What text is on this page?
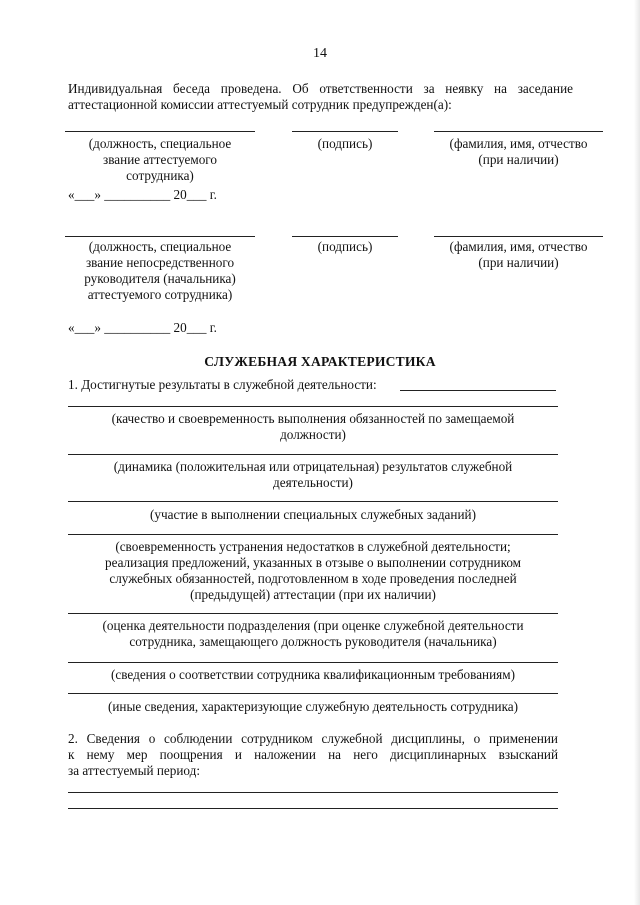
14
Индивидуальная беседа проведена. Об ответственности за неявку на заседание
аттестационной комиссии аттестуемый сотрудник предупрежден(а):
(должность, специальное
звание аттестуемого
сотрудника)
(подпись)	(фамилия, имя, отчество
(при наличии)
«___» __________ 20___ г.
(должность, специальное
звание непосредственного
руководителя (начальника)
аттестуемого сотрудника)
(подпись)	(фамилия, имя, отчество
(при наличии)
«___» __________ 20___ г.
СЛУЖЕБНАЯ ХАРАКТЕРИСТИКА
1. Достигнутые результаты в служебной деятельности:
(качество и своевременность выполнения обязанностей по замещаемой
должности)
(динамика (положительная или отрицательная) результатов служебной
деятельности)
(участие в выполнении специальных служебных заданий)
(своевременность устранения недостатков в служебной деятельности;
реализация предложений, указанных в отзыве о выполнении сотрудником
служебных обязанностей, подготовленном в ходе проведения последней
(предыдущей) аттестации (при их наличии)
(оценка деятельности подразделения (при оценке служебной деятельности
сотрудника, замещающего должность руководителя (начальника)
(сведения о соответствии сотрудника квалификационным требованиям)
(иные сведения, характеризующие служебную деятельность сотрудника)
2. Сведения о соблюдении сотрудником служебной дисциплины, о применении
к нему мер поощрения и наложении на него дисциплинарных взысканий
за аттестуемый период:
